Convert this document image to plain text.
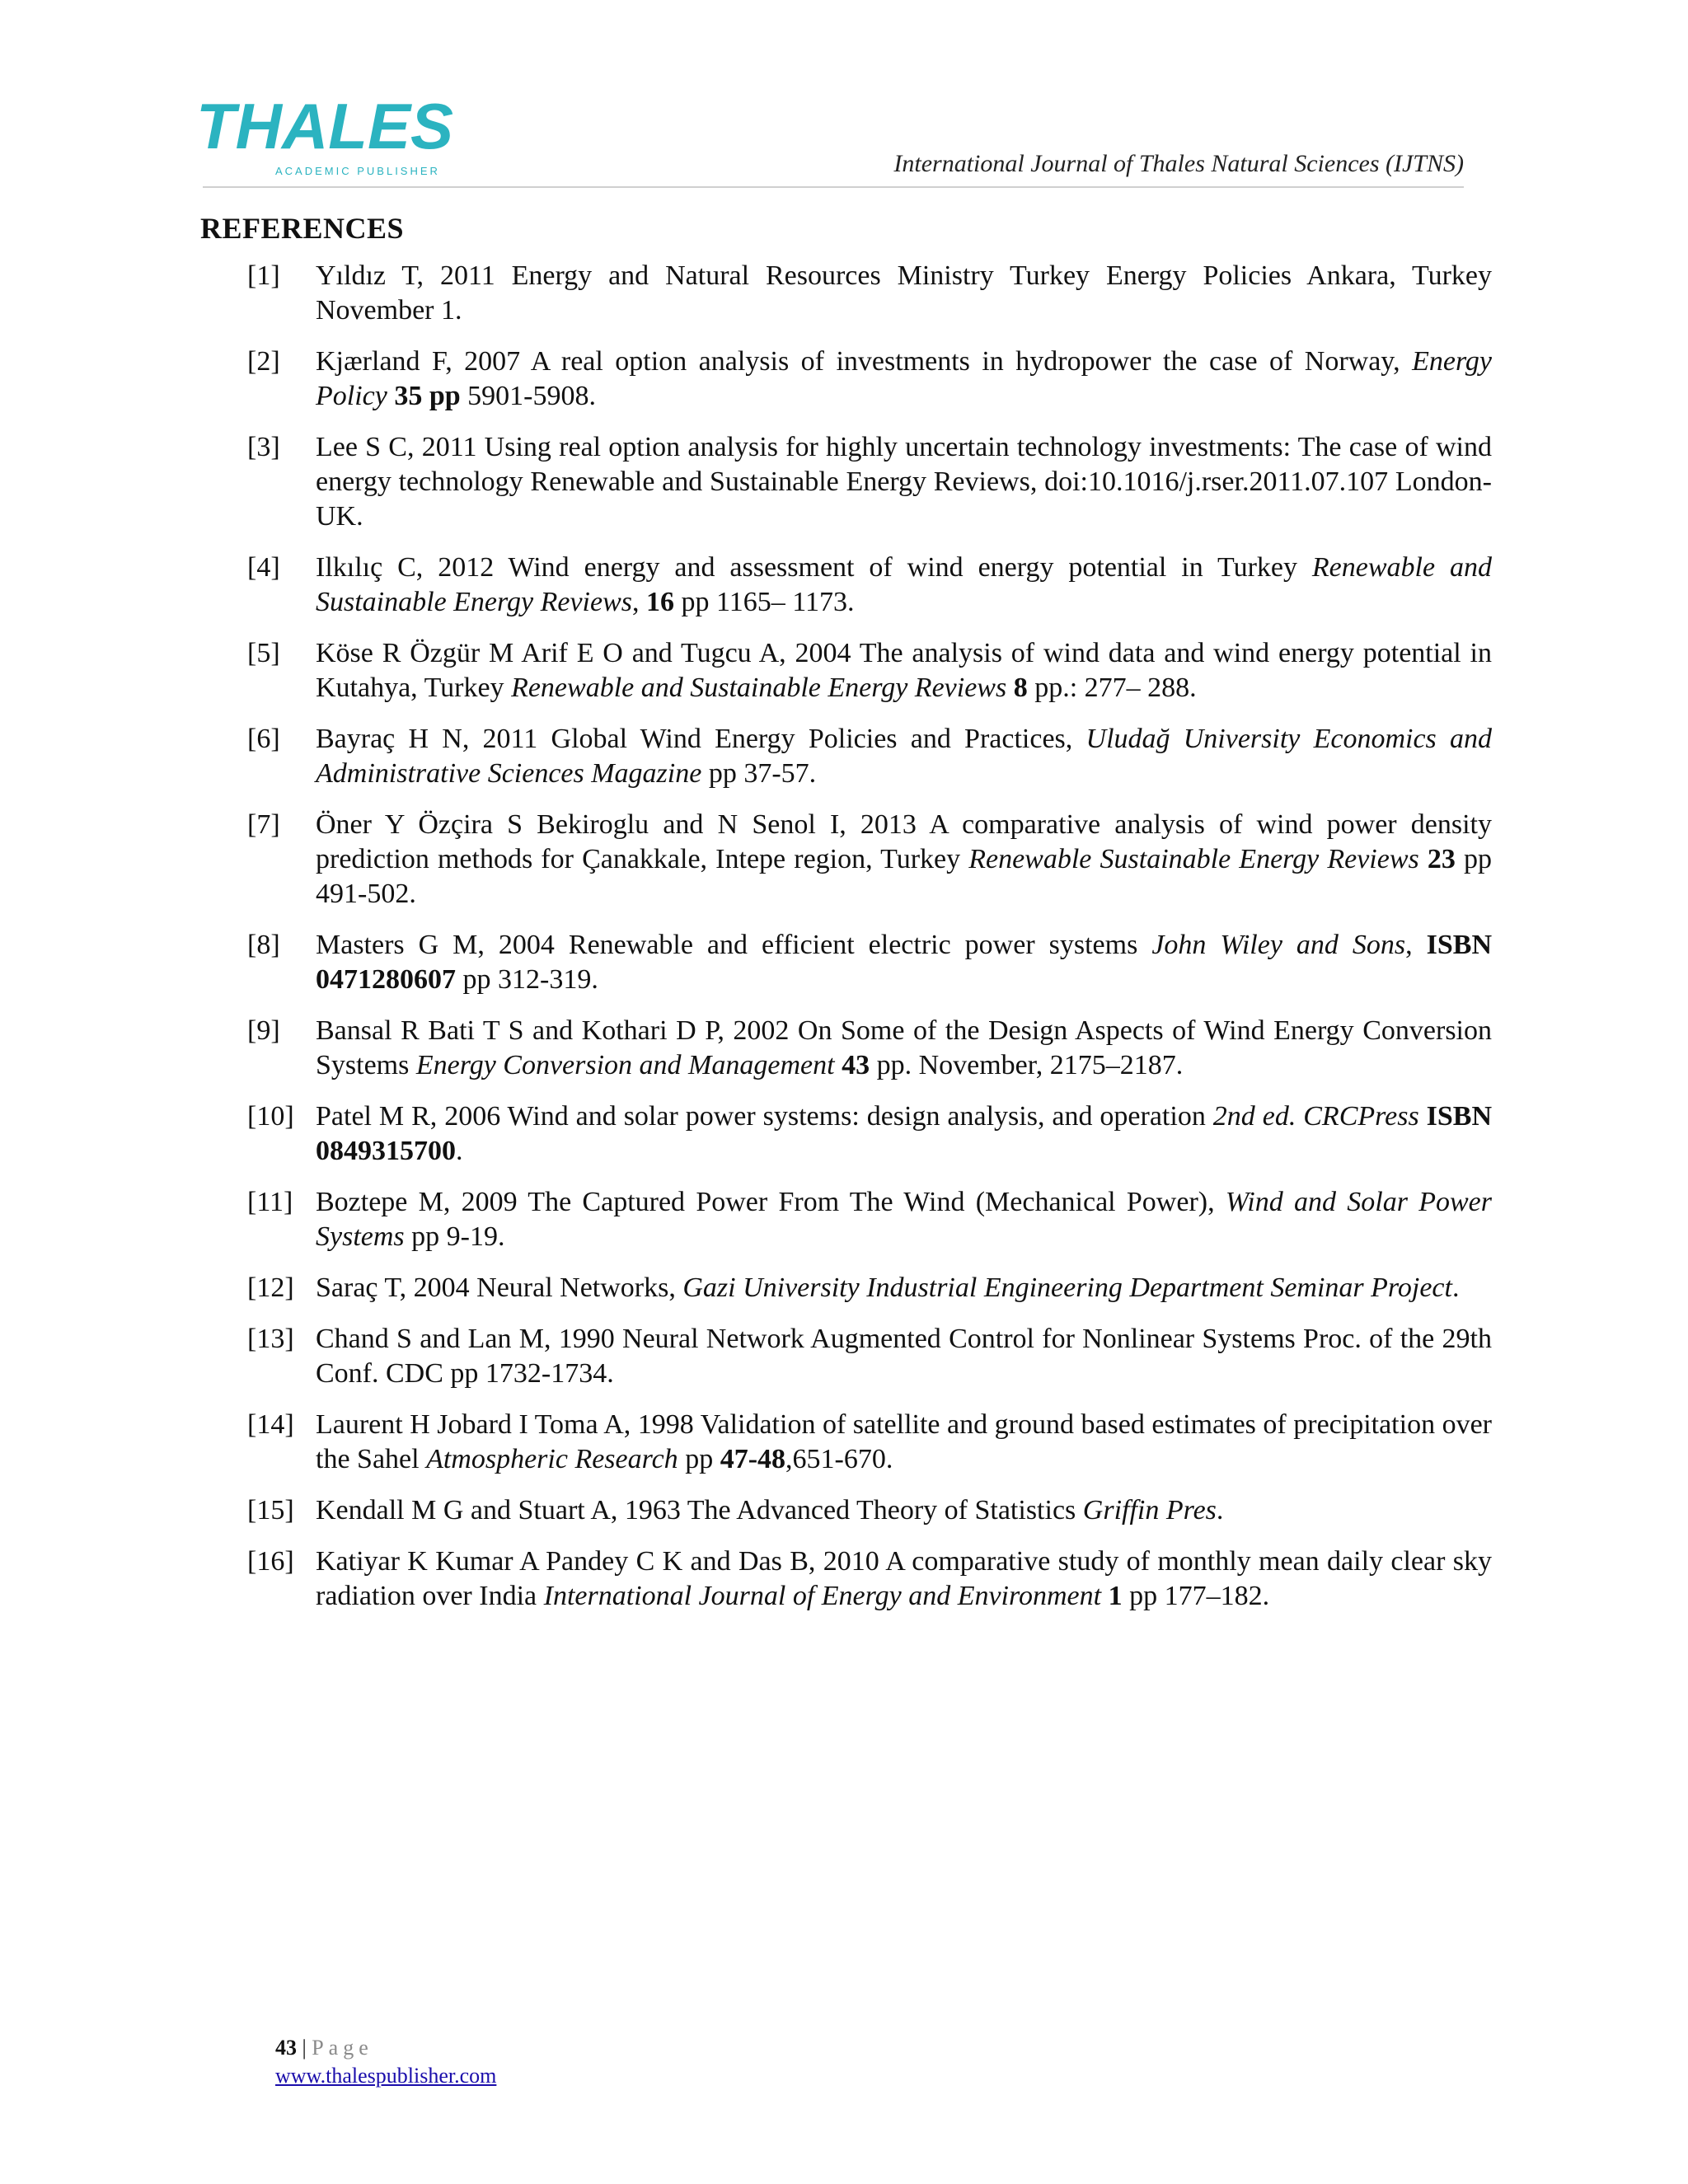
THALES
ACADEMIC PUBLISHER	International Journal of Thales Natural Sciences (IJTNS)
REFERENCES
[1] Yıldız T, 2011 Energy and Natural Resources Ministry Turkey Energy Policies Ankara, Turkey November 1.
[2] Kjærland F, 2007 A real option analysis of investments in hydropower the case of Norway, Energy Policy 35 pp 5901-5908.
[3] Lee S C, 2011 Using real option analysis for highly uncertain technology investments: The case of wind energy technology Renewable and Sustainable Energy Reviews, doi:10.1016/j.rser.2011.07.107 London-UK.
[4] Ilkılıç C, 2012 Wind energy and assessment of wind energy potential in Turkey Renewable and Sustainable Energy Reviews, 16 pp 1165– 1173.
[5] Köse R Özgür M Arif E O and Tugcu A, 2004 The analysis of wind data and wind energy potential in Kutahya, Turkey Renewable and Sustainable Energy Reviews 8 pp.: 277– 288.
[6] Bayraç H N, 2011 Global Wind Energy Policies and Practices, Uludağ University Economics and Administrative Sciences Magazine pp 37-57.
[7] Öner Y Özçira S Bekiroglu and N Senol I, 2013 A comparative analysis of wind power density prediction methods for Çanakkale, Intepe region, Turkey Renewable Sustainable Energy Reviews 23 pp 491-502.
[8] Masters G M, 2004 Renewable and efficient electric power systems John Wiley and Sons, ISBN 0471280607 pp 312-319.
[9] Bansal R Bati T S and Kothari D P, 2002 On Some of the Design Aspects of Wind Energy Conversion Systems Energy Conversion and Management 43 pp. November, 2175–2187.
[10] Patel M R, 2006 Wind and solar power systems: design analysis, and operation 2nd ed. CRCPress ISBN 0849315700.
[11] Boztepe M, 2009 The Captured Power From The Wind (Mechanical Power), Wind and Solar Power Systems pp 9-19.
[12] Saraç T, 2004 Neural Networks, Gazi University Industrial Engineering Department Seminar Project.
[13] Chand S and Lan M, 1990 Neural Network Augmented Control for Nonlinear Systems Proc. of the 29th Conf. CDC pp 1732-1734.
[14] Laurent H Jobard I Toma A, 1998 Validation of satellite and ground based estimates of precipitation over the Sahel Atmospheric Research pp 47-48,651-670.
[15] Kendall M G and Stuart A, 1963 The Advanced Theory of Statistics Griffin Pres.
[16] Katiyar K Kumar A Pandey C K and Das B, 2010 A comparative study of monthly mean daily clear sky radiation over India International Journal of Energy and Environment 1 pp 177–182.
43 | Page
www.thalespublisher.com
